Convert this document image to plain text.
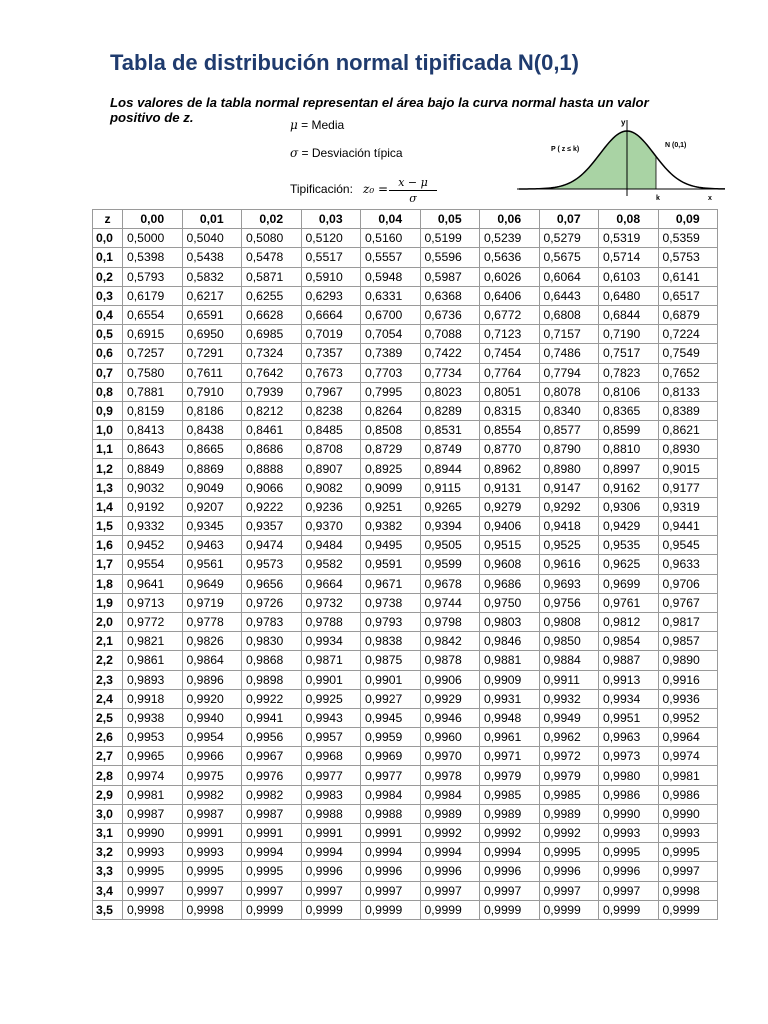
Tabla de distribución normal tipificada N(0,1)
Los valores de la tabla normal representan el área bajo la curva normal hasta un valor positivo de z.	μ = Media
σ = Desviación típica
Tipificación: $z_0 = \frac{x - \mu}{\sigma}$
y
N (0,1)
P ( z ≤ k)
k	x
z	0,00	0,01	0,02	0,03	0,04	0,05	0,06	0,07	0,08	0,09
0,0	0,5000	0,5040	0,5080	0,5120	0,5160	0,5199	0,5239	0,5279	0,5319	0,5359
0,1	0,5398	0,5438	0,5478	0,5517	0,5557	0,5596	0,5636	0,5675	0,5714	0,5753
0,2	0,5793	0,5832	0,5871	0,5910	0,5948	0,5987	0,6026	0,6064	0,6103	0,6141
0,3	0,6179	0,6217	0,6255	0,6293	0,6331	0,6368	0,6406	0,6443	0,6480	0,6517
0,4	0,6554	0,6591	0,6628	0,6664	0,6700	0,6736	0,6772	0,6808	0,6844	0,6879
0,5	0,6915	0,6950	0,6985	0,7019	0,7054	0,7088	0,7123	0,7157	0,7190	0,7224
0,6	0,7257	0,7291	0,7324	0,7357	0,7389	0,7422	0,7454	0,7486	0,7517	0,7549
0,7	0,7580	0,7611	0,7642	0,7673	0,7703	0,7734	0,7764	0,7794	0,7823	0,7652
0,8	0,7881	0,7910	0,7939	0,7967	0,7995	0,8023	0,8051	0,8078	0,8106	0,8133
0,9	0,8159	0,8186	0,8212	0,8238	0,8264	0,8289	0,8315	0,8340	0,8365	0,8389
1,0	0,8413	0,8438	0,8461	0,8485	0,8508	0,8531	0,8554	0,8577	0,8599	0,8621
1,1	0,8643	0,8665	0,8686	0,8708	0,8729	0,8749	0,8770	0,8790	0,8810	0,8930
1,2	0,8849	0,8869	0,8888	0,8907	0,8925	0,8944	0,8962	0,8980	0,8997	0,9015
1,3	0,9032	0,9049	0,9066	0,9082	0,9099	0,9115	0,9131	0,9147	0,9162	0,9177
1,4	0,9192	0,9207	0,9222	0,9236	0,9251	0,9265	0,9279	0,9292	0,9306	0,9319
1,5	0,9332	0,9345	0,9357	0,9370	0,9382	0,9394	0,9406	0,9418	0,9429	0,9441
1,6	0,9452	0,9463	0,9474	0,9484	0,9495	0,9505	0,9515	0,9525	0,9535	0,9545
1,7	0,9554	0,9561	0,9573	0,9582	0,9591	0,9599	0,9608	0,9616	0,9625	0,9633
1,8	0,9641	0,9649	0,9656	0,9664	0,9671	0,9678	0,9686	0,9693	0,9699	0,9706
1,9	0,9713	0,9719	0,9726	0,9732	0,9738	0,9744	0,9750	0,9756	0,9761	0,9767
2,0	0,9772	0,9778	0,9783	0,9788	0,9793	0,9798	0,9803	0,9808	0,9812	0,9817
2,1	0,9821	0,9826	0,9830	0,9934	0,9838	0,9842	0,9846	0,9850	0,9854	0,9857
2,2	0,9861	0,9864	0,9868	0,9871	0,9875	0,9878	0,9881	0,9884	0,9887	0,9890
2,3	0,9893	0,9896	0,9898	0,9901	0,9901	0,9906	0,9909	0,9911	0,9913	0,9916
2,4	0,9918	0,9920	0,9922	0,9925	0,9927	0,9929	0,9931	0,9932	0,9934	0,9936
2,5	0,9938	0,9940	0,9941	0,9943	0,9945	0,9946	0,9948	0,9949	0,9951	0,9952
2,6	0,9953	0,9954	0,9956	0,9957	0,9959	0,9960	0,9961	0,9962	0,9963	0,9964
2,7	0,9965	0,9966	0,9967	0,9968	0,9969	0,9970	0,9971	0,9972	0,9973	0,9974
2,8	0,9974	0,9975	0,9976	0,9977	0,9977	0,9978	0,9979	0,9979	0,9980	0,9981
2,9	0,9981	0,9982	0,9982	0,9983	0,9984	0,9984	0,9985	0,9985	0,9986	0,9986
3,0	0,9987	0,9987	0,9987	0,9988	0,9988	0,9989	0,9989	0,9989	0,9990	0,9990
3,1	0,9990	0,9991	0,9991	0,9991	0,9991	0,9992	0,9992	0,9992	0,9993	0,9993
3,2	0,9993	0,9993	0,9994	0,9994	0,9994	0,9994	0,9994	0,9995	0,9995	0,9995
3,3	0,9995	0,9995	0,9995	0,9996	0,9996	0,9996	0,9996	0,9996	0,9996	0,9997
3,4	0,9997	0,9997	0,9997	0,9997	0,9997	0,9997	0,9997	0,9997	0,9997	0,9998
3,5	0,9998	0,9998	0,9999	0,9999	0,9999	0,9999	0,9999	0,9999	0,9999	0,9999
